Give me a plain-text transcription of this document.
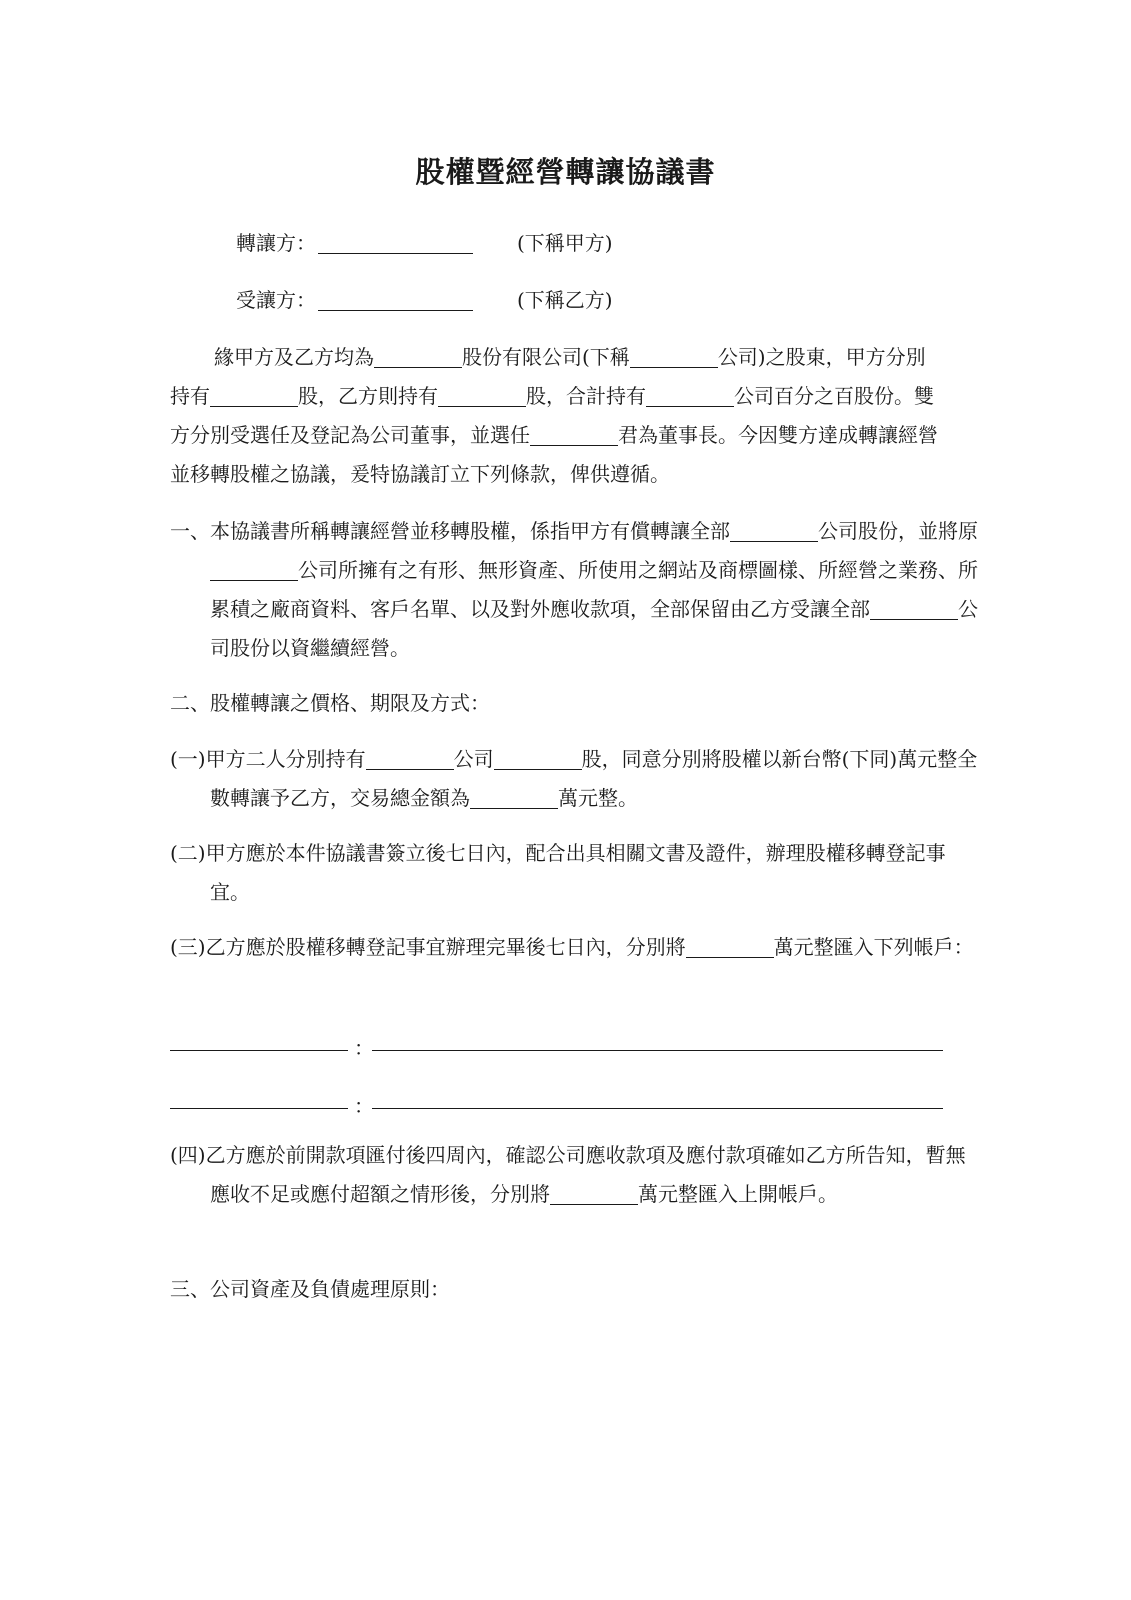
股權暨經營轉讓協議書
轉讓方：	(下稱甲方)
受讓方：	(下稱乙方)
緣甲方及乙方均為	股份有限公司(下稱	公司)之股東，甲方分別持有	股，乙方則持有	股，合計持有	公司百分之百股份。雙方分別受選任及登記為公司董事，並選任	君為董事長。今因雙方達成轉讓經營並移轉股權之協議，爰特協議訂立下列條款，俾供遵循。
一、本協議書所稱轉讓經營並移轉股權，係指甲方有償轉讓全部	公司股份，並將原公司所擁有之有形、無形資產、所使用之網站及商標圖樣、所經營之業務、所累積之廠商資料、客戶名單、以及對外應收款項，全部保留由乙方受讓全部	公司股份以資繼續經營。
二、股權轉讓之價格、期限及方式：
(一)甲方二人分別持有	公司	股，同意分別將股權以新台幣(下同)萬元整全數轉讓予乙方，交易總金額為	萬元整。
(二)甲方應於本件協議書簽立後七日內，配合出具相關文書及證件，辦理股權移轉登記事宜。
(三)乙方應於股權移轉登記事宜辦理完畢後七日內，分別將	萬元整匯入下列帳戶：
：
：
(四)乙方應於前開款項匯付後四周內，確認公司應收款項及應付款項確如乙方所告知，暫無應收不足或應付超額之情形後，分別將	萬元整匯入上開帳戶。
三、公司資產及負債處理原則：
